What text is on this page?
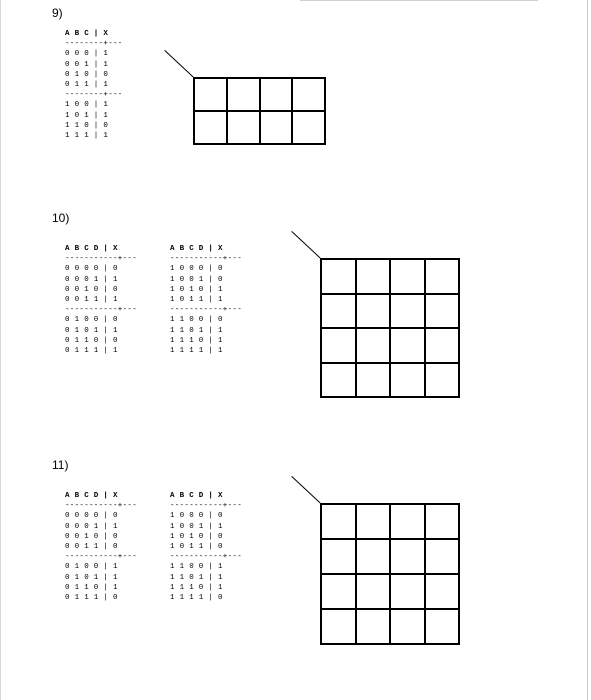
9)
A B C | X
--------+---
0 0 0 | 1
0 0 1 | 1
0 1 0 | 0
0 1 1 | 1
--------+---
1 0 0 | 1
1 0 1 | 1
1 1 0 | 0
1 1 1 | 1
10)
A B C D | X
-----------+---
0 0 0 0 | 0
0 0 0 1 | 1
0 0 1 0 | 0
0 0 1 1 | 1
-----------+---
0 1 0 0 | 0
0 1 0 1 | 1
0 1 1 0 | 0
0 1 1 1 | 1
A B C D | X
-----------+---
1 0 0 0 | 0
1 0 0 1 | 0
1 0 1 0 | 1
1 0 1 1 | 1
-----------+---
1 1 0 0 | 0
1 1 0 1 | 1
1 1 1 0 | 1
1 1 1 1 | 1
11)
A B C D | X
-----------+---
0 0 0 0 | 0
0 0 0 1 | 1
0 0 1 0 | 0
0 0 1 1 | 0
-----------+---
0 1 0 0 | 1
0 1 0 1 | 1
0 1 1 0 | 1
0 1 1 1 | 0
A B C D | X
-----------+---
1 0 0 0 | 0
1 0 0 1 | 1
1 0 1 0 | 0
1 0 1 1 | 0
-----------+---
1 1 0 0 | 1
1 1 0 1 | 1
1 1 1 0 | 1
1 1 1 1 | 0
